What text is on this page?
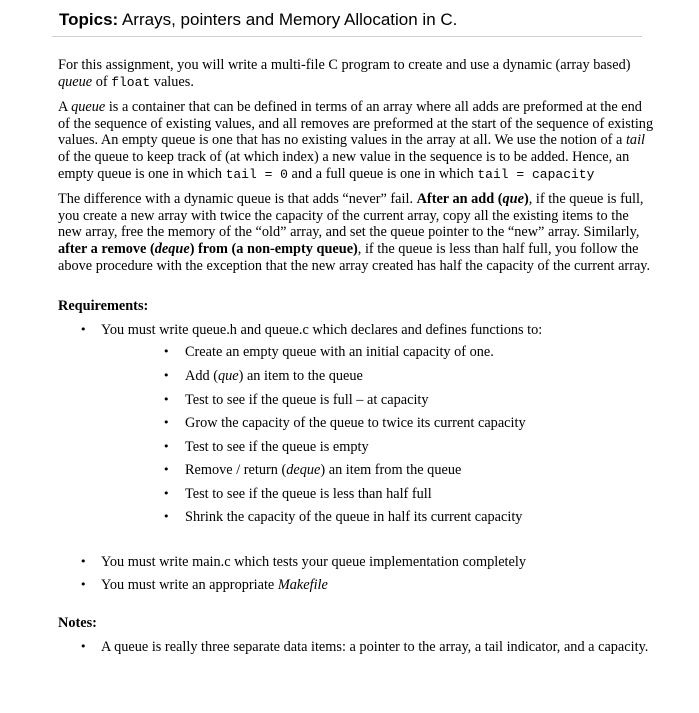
Topics: Arrays, pointers and Memory Allocation in C.

For this assignment, you will write a multi-file C program to create and use a dynamic (array based) queue of float values.

A queue is a container that can be defined in terms of an array where all adds are preformed at the end of the sequence of existing values, and all removes are preformed at the start of the sequence of existing values. An empty queue is one that has no existing values in the array at all. We use the notion of a tail of the queue to keep track of (at which index) a new value in the sequence is to be added. Hence, an empty queue is one in which tail = 0 and a full queue is one in which tail = capacity

The difference with a dynamic queue is that adds “never” fail. After an add (que), if the queue is full, you create a new array with twice the capacity of the current array, copy all the existing items to the new array, free the memory of the “old” array, and set the queue pointer to the “new” array. Similarly, after a remove (deque) from (a non-empty queue), if the queue is less than half full, you follow the above procedure with the exception that the new array created has half the capacity of the current array.

Requirements:

• You must write queue.h and queue.c which declares and defines functions to:
• Create an empty queue with an initial capacity of one.
• Add (que) an item to the queue
• Test to see if the queue is full – at capacity
• Grow the capacity of the queue to twice its current capacity
• Test to see if the queue is empty
• Remove / return (deque) an item from the queue
• Test to see if the queue is less than half full
• Shrink the capacity of the queue in half its current capacity
• You must write main.c which tests your queue implementation completely
• You must write an appropriate Makefile

Notes:

• A queue is really three separate data items: a pointer to the array, a tail indicator, and a capacity.
